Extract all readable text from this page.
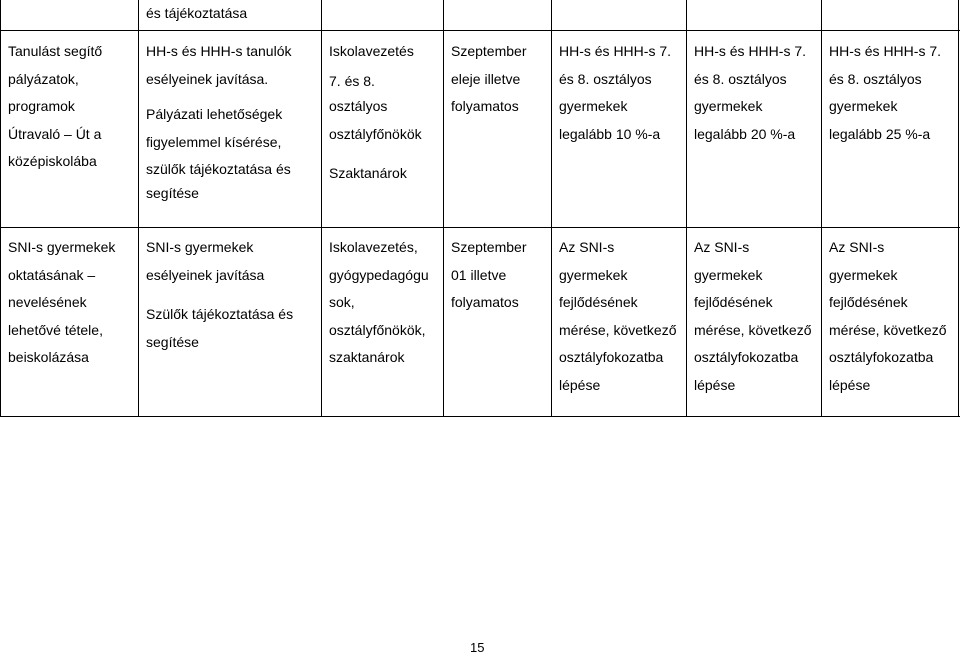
és tájékoztatása
Tanulást segítő
pályázatok,
programok
Útravaló – Út a
középiskolába
HH-s és HHH-s tanulók
esélyeinek javítása.
Pályázati lehetőségek
figyelemmel kísérése,
szülők tájékoztatása és
segítése
Iskolavezetés
7. és 8.
osztályos
osztályfőnökök
Szaktanárok
Szeptember
eleje illetve
folyamatos
HH-s és HHH-s 7.
és 8. osztályos
gyermekek
legalább 10 %-a
HH-s és HHH-s 7.
és 8. osztályos
gyermekek
legalább 20 %-a
HH-s és HHH-s 7.
és 8. osztályos
gyermekek
legalább 25 %-a
SNI-s gyermekek
oktatásának –
nevelésének
lehetővé tétele,
beiskolázása
SNI-s gyermekek
esélyeinek javítása
Szülők tájékoztatása és
segítése
Iskolavezetés,
gyógypedagógu
sok,
osztályfőnökök,
szaktanárok
Szeptember
01 illetve
folyamatos
Az SNI-s
gyermekek
fejlődésének
mérése, következő
osztályfokozatba
lépése
Az SNI-s
gyermekek
fejlődésének
mérése, következő
osztályfokozatba
lépése
Az SNI-s
gyermekek
fejlődésének
mérése, következő
osztályfokozatba
lépése
15
